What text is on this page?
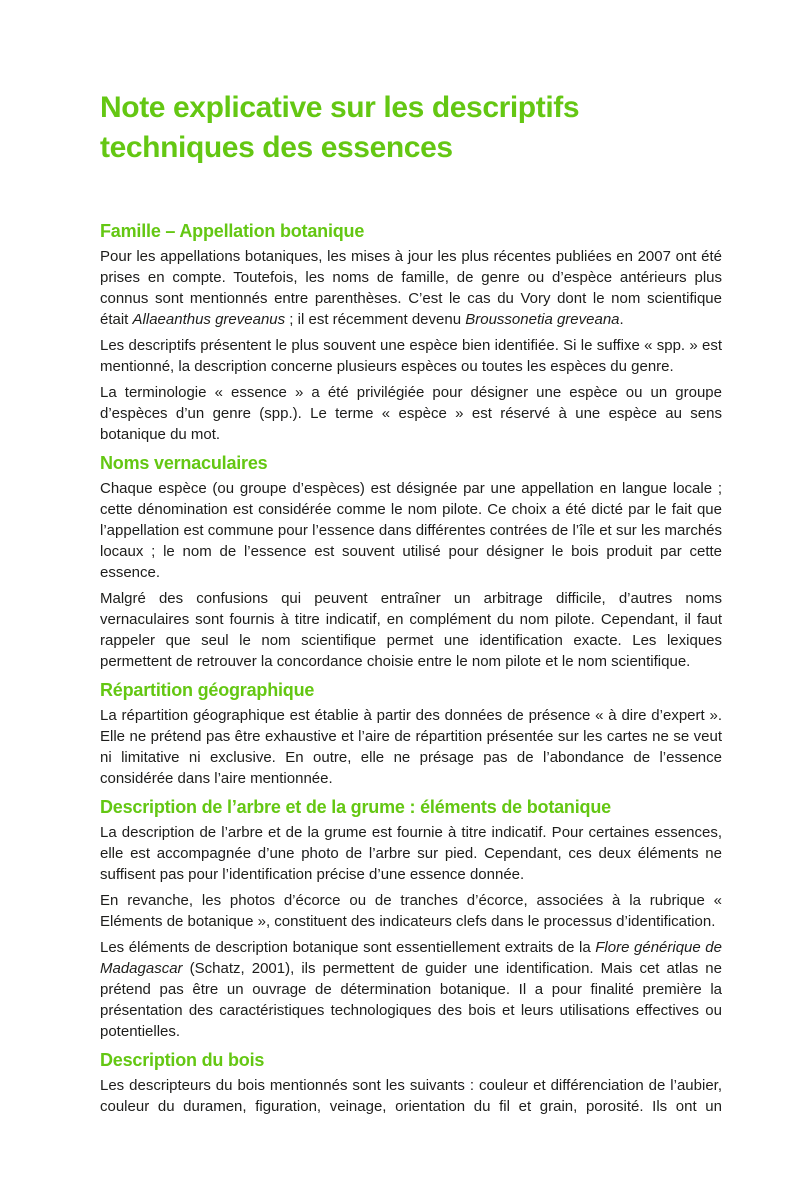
Note explicative sur les descriptifs
techniques des essences
Famille – Appellation botanique

Pour les appellations botaniques, les mises à jour les plus récentes publiées en 2007 ont été prises en compte. Toutefois, les noms de famille, de genre ou d’espèce antérieurs plus connus sont mentionnés entre parenthèses. C’est le cas du Vory dont le nom scientifique était Allaeanthus greveanus ; il est récemment devenu Broussonetia greveana.

Les descriptifs présentent le plus souvent une espèce bien identifiée. Si le suffixe « spp. » est mentionné, la description concerne plusieurs espèces ou toutes les espèces du genre.

La terminologie « essence » a été privilégiée pour désigner une espèce ou un groupe d’espèces d’un genre (spp.). Le terme « espèce » est réservé à une espèce au sens botanique du mot.

Noms vernaculaires

Chaque espèce (ou groupe d’espèces) est désignée par une appellation en langue locale ; cette dénomination est considérée comme le nom pilote. Ce choix a été dicté par le fait que l’appellation est commune pour l’essence dans différentes contrées de l’île et sur les marchés locaux ; le nom de l’essence est souvent utilisé pour désigner le bois produit par cette essence.

Malgré des confusions qui peuvent entraîner un arbitrage difficile, d’autres noms vernaculaires sont fournis à titre indicatif, en complément du nom pilote. Cependant, il faut rappeler que seul le nom scientifique permet une identification exacte. Les lexiques permettent de retrouver la concordance choisie entre le nom pilote et le nom scientifique.

Répartition géographique

La répartition géographique est établie à partir des données de présence « à dire d’expert ». Elle ne prétend pas être exhaustive et l’aire de répartition présentée sur les cartes ne se veut ni limitative ni exclusive. En outre, elle ne présage pas de l’abondance de l’essence considérée dans l’aire mentionnée.

Description de l’arbre et de la grume : éléments de botanique

La description de l’arbre et de la grume est fournie à titre indicatif. Pour certaines essences, elle est accompagnée d’une photo de l’arbre sur pied. Cependant, ces deux éléments ne suffisent pas pour l’identification précise d’une essence donnée.

En revanche, les photos d’écorce ou de tranches d’écorce, associées à la rubrique « Eléments de botanique », constituent des indicateurs clefs dans le processus d’identification.

Les éléments de description botanique sont essentiellement extraits de la Flore générique de Madagascar (Schatz, 2001), ils permettent de guider une identification. Mais cet atlas ne prétend pas être un ouvrage de détermination botanique. Il a pour finalité première la présentation des caractéristiques technologiques des bois et leurs utilisations effectives ou potentielles.

Description du bois

Les descripteurs du bois mentionnés sont les suivants : couleur et différenciation de l’aubier, couleur du duramen, figuration, veinage, orientation du fil et grain, porosité. Ils ont un
